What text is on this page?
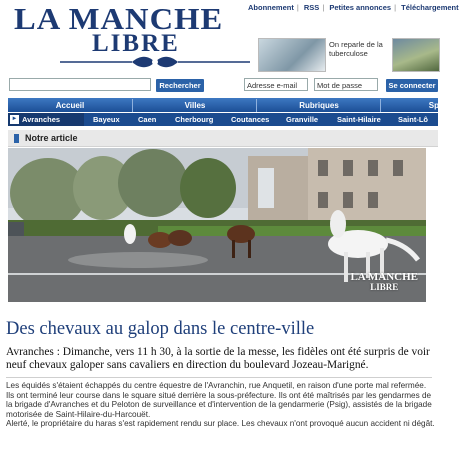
LA MANCHE
LIBRE
Abonnement | RSS | Petites annonces | Téléchargement
On reparle de la tuberculose
Rechercher	Adresse e-mail	Mot de passe	Se connecter
Accueil	Villes	Rubriques	Sp
► Avranches	Bayeux Caen Cherbourg Coutances Granville	Saint-Hilaire Saint-Lô
Notre article
LA MANCHE
LIBRE
Des chevaux au galop dans le centre-ville
Avranches : Dimanche, vers 11 h 30, à la sortie de la messe, les fidèles ont été surpris de voir neuf chevaux galoper sans cavaliers en direction du boulevard Jozeau-Marigné.
Les équidés s'étaient échappés du centre équestre de l'Avranchin, rue Anquetil, en raison d'une porte mal refermée. Ils ont terminé leur course dans le square situé derrière la sous-préfecture. Ils ont été maîtrisés par les gendarmes de la brigade d'Avranches et du Peloton de surveillance et d'intervention de la gendarmerie (Psig), assistés de la brigade motorisée de Saint-Hilaire-du-Harcouët.
Alerté, le propriétaire du haras s'est rapidement rendu sur place. Les chevaux n'ont provoqué aucun accident ni dégât.
